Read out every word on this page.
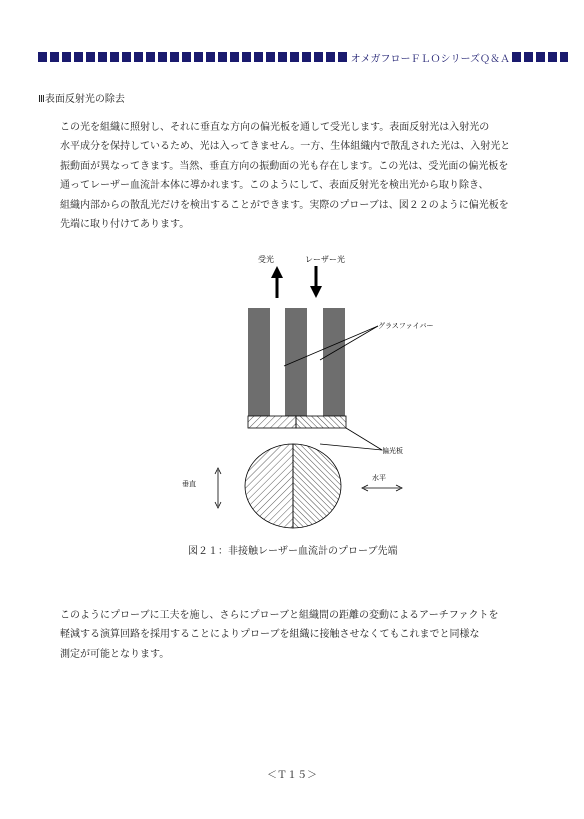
オメガフローＦＬＯシリーズＱ＆Ａ
Ⅲ表面反射光の除去

この光を組織に照射し、それに垂直な方向の偏光板を通して受光します。表面反射光は入射光の

水平成分を保持しているため、光は入ってきません。一方、生体組織内で散乱された光は、入射光と

振動面が異なってきます。当然、垂直方向の振動面の光も存在します。この光は、受光面の偏光板を

通ってレーザー血流計本体に導かれます。このようにして、表面反射光を検出光から取り除き、

組織内部からの散乱光だけを検出することができます。実際のプローブは、図２２のように偏光板を

先端に取り付けてあります。

受光	レーザー光
グラスファイバー
偏光板
垂直
水平
図２１：非接触レーザー血流計のプローブ先端

このようにプローブに工夫を施し、さらにプローブと組織間の距離の変動によるアーチファクトを

軽減する演算回路を採用することによりプローブを組織に接触させなくてもこれまでと同様な

測定が可能となります。

＜Ｔ１５＞
